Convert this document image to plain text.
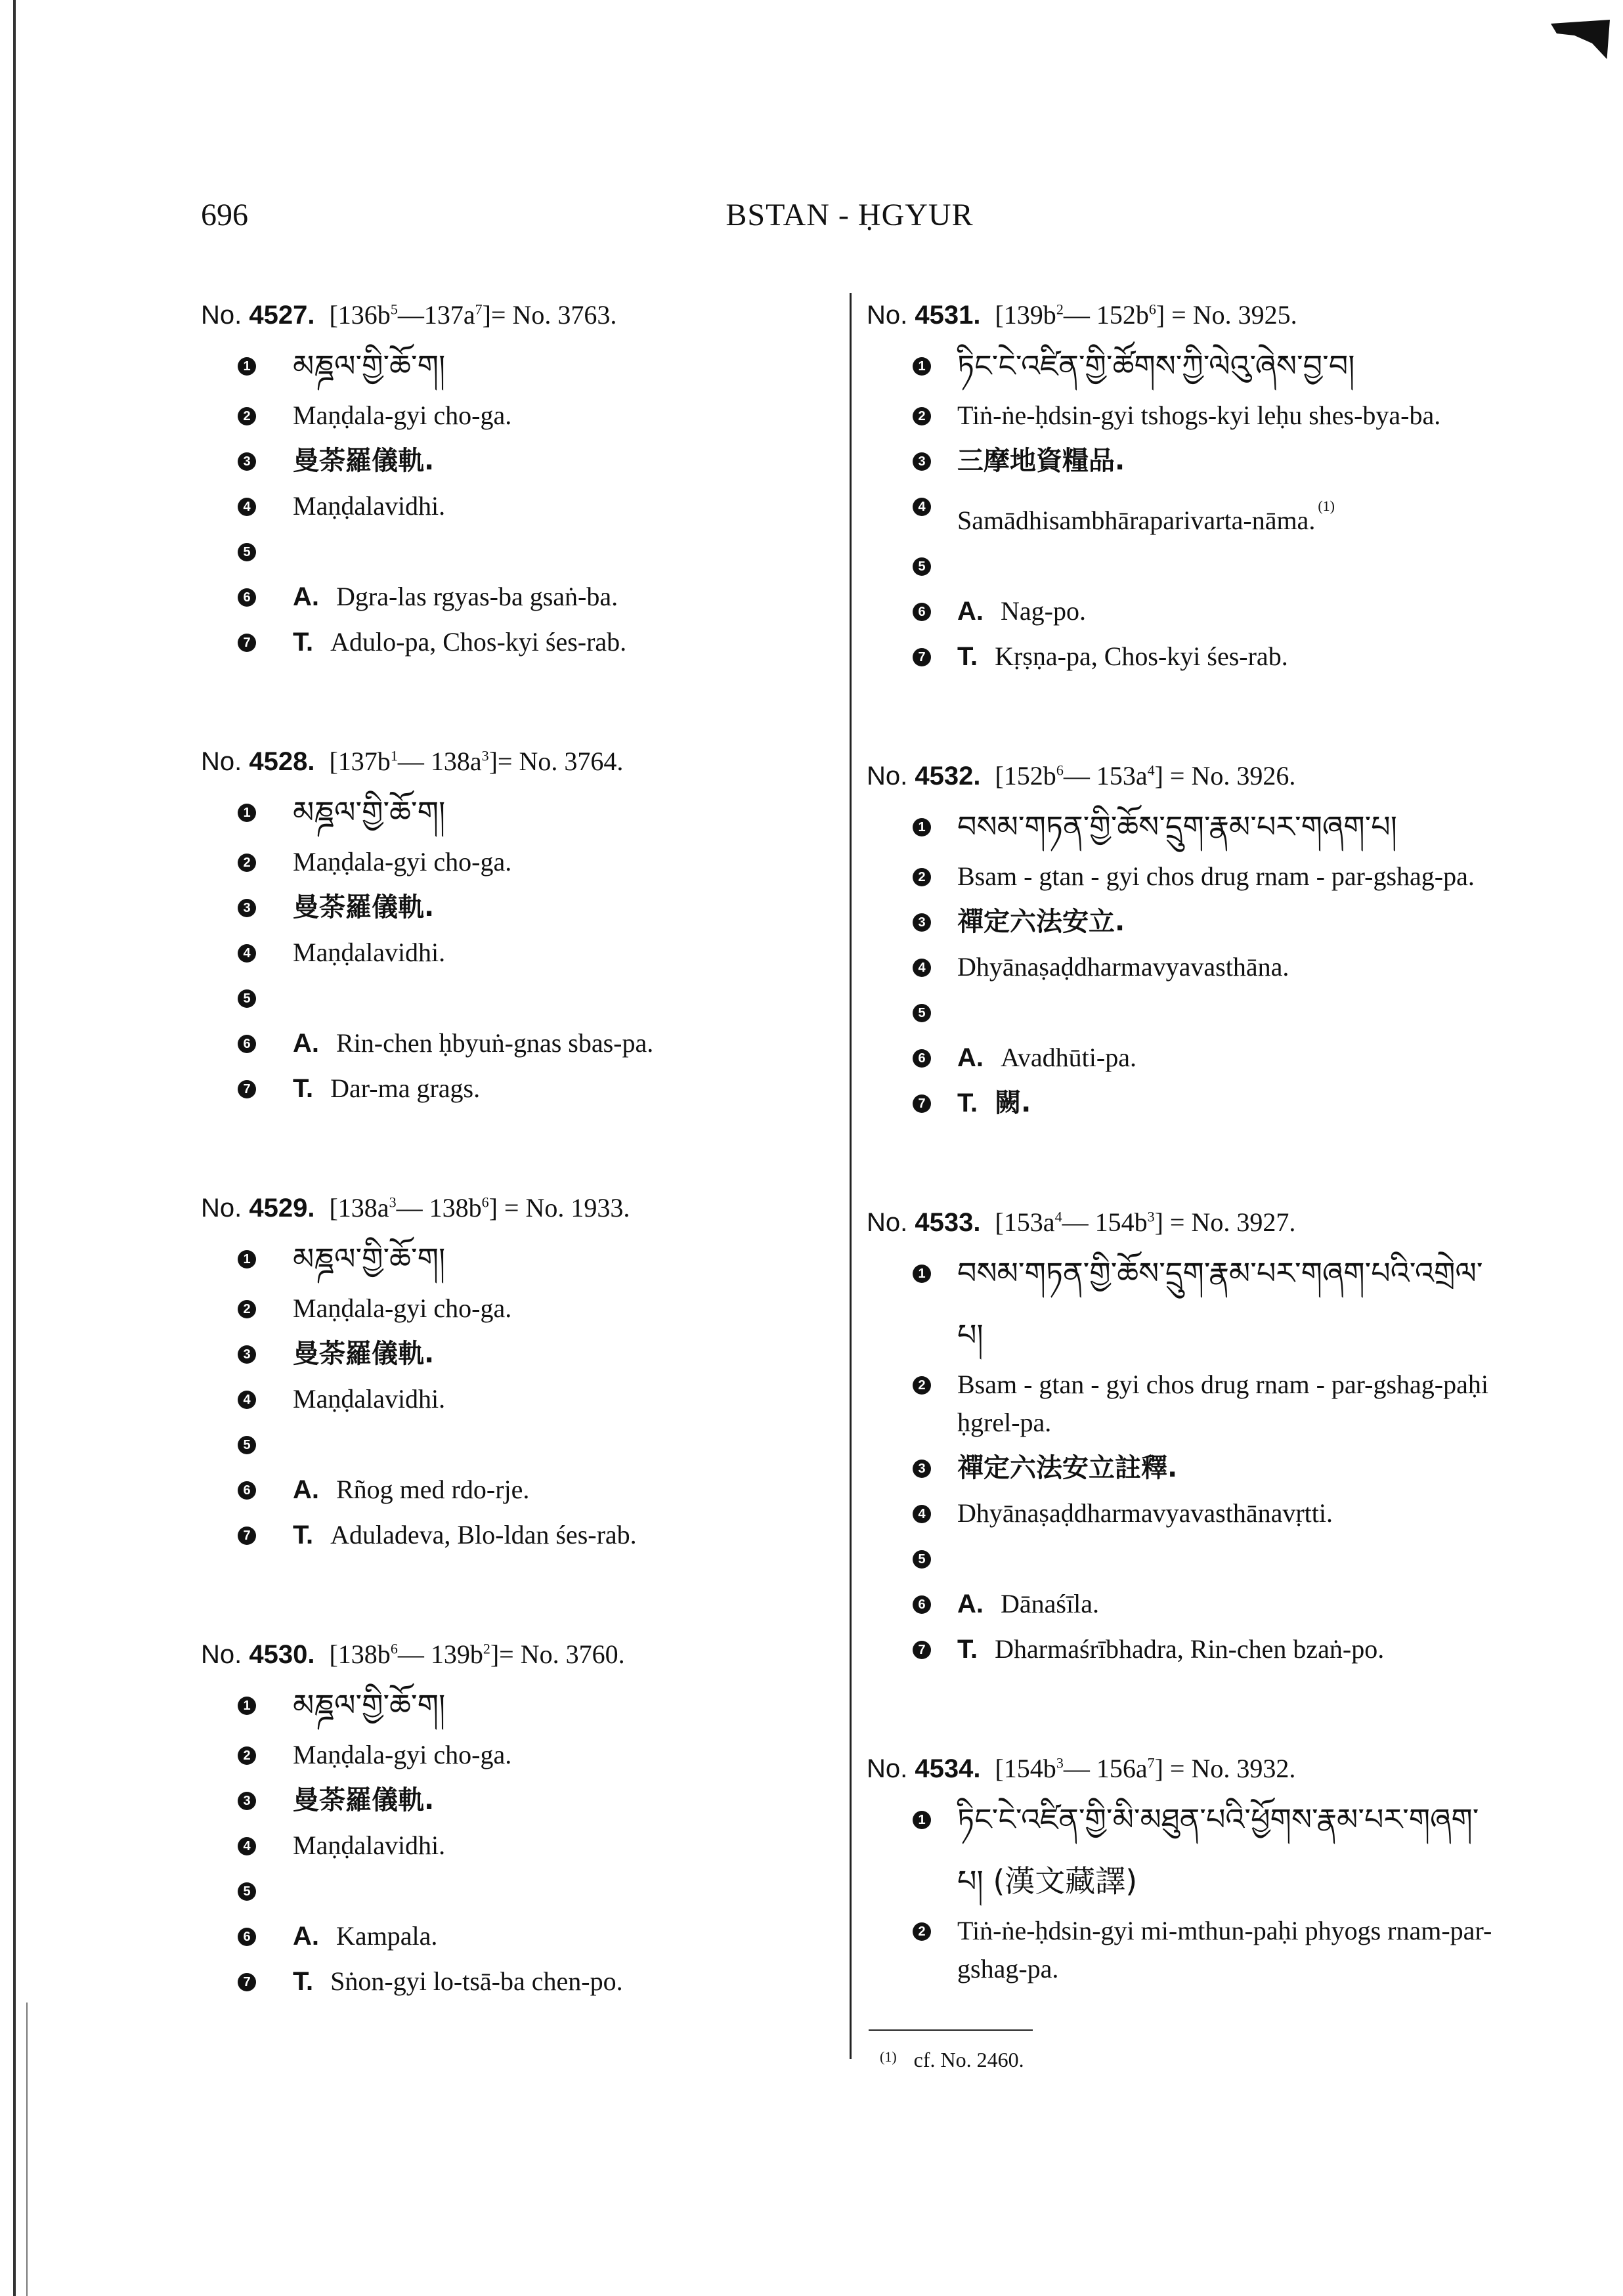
696	BSTAN - ḤGYUR
No. 4527. $[136b^5—137a^7]= No$. 3763.
1 མཎྜལ་གྱི་ཆོ་ག།
2 Maṇḍala-gyi cho-ga.
3 曼荼羅儀軌.
4 Maṇḍalavidhi.
5
6 A. Dgra-las rgyas-ba gsaṅ-ba.
7 T. Adulo-pa, Chos-kyi śes-rab.
No. 4528. [$137b^1—$ $138a^3]= No$. 3764.
1 མཎྜལ་གྱི་ཆོ་ག།
2 Maṇḍala-gyi cho-ga.
3 曼荼羅儀軌.
4 Maṇḍalavidhi.
5
6 A. Rin-chen ḥbyuṅ-gnas sbas-pa.
7 T. Dar-ma grags.
No. 4529. [$138a^3—$ $138b^6] = No$. 1933.
1 མཎྜལ་གྱི་ཆོ་ག།
2 Maṇḍala-gyi cho-ga.
3 曼荼羅儀軌.
4 Maṇḍalavidhi.
5
6 A. Rñog med rdo-rje.
7 T. Aduladeva, Blo-ldan śes-rab.
No. 4530. [$138b^6—$ $139b^2]= No$. 3760.
1 མཎྜལ་གྱི་ཆོ་ག།
2 Maṇḍala-gyi cho-ga.
3 曼荼羅儀軌.
4 Maṇḍalavidhi.
5
6 A. Kampala.
7 T. Sṅon-gyi lo-tsā-ba chen-po.
No. 4531. [$139b^2—$ $152b^6] = No$. 3925.
1 ཏིང་ངེ་འཛིན་གྱི་ཚོགས་ཀྱི་ལེའུ་ཞེས་བྱ་བ།
2 Tiṅ-ṅe-ḥdsin-gyi tshogs-kyi leḥu shes-bya-ba.
3 三摩地資糧品.
4 Samādhisambhāraparivarta-nāma. $^{(1)}$
5
6 A. Nag-po.
7 T. Kṛṣṇa-pa, Chos-kyi śes-rab.
No. 4532. [$152b^6—$ $153a^4] = No$. 3926.
1 བསམ་གཏན་གྱི་ཆོས་དྲུག་རྣམ་པར་གཞག་པ།
2 Bsam - gtan - gyi chos drug rnam - par-gshag-pa.
3 禪定六法安立.
4 Dhyānaṣaḍdharmavyavasthāna.
5
6 A. Avadhūti-pa.
7 T. 闕.
No. 4533. [$153a^4—$ $154b^3] = No$. 3927.
1 བསམ་གཏན་གྱི་ཆོས་དྲུག་རྣམ་པར་གཞག་པའི་འགྲེལ་པ།
2 Bsam - gtan - gyi chos drug rnam - par-gshag-paḥi ḥgrel-pa.
3 禪定六法安立註釋.
4 Dhyānaṣaḍdharmavyavasthānavṛtti.
5
6 A. Dānaśīla.
7 T. Dharmaśrībhadra, Rin-chen bzaṅ-po.
No. 4534. [$154b^3—$ $156a^7] = No$. 3932.
1 ཏིང་ངེ་འཛིན་གྱི་མི་མཐུན་པའི་ཕྱོགས་རྣམ་པར་གཞག་པ། (漢文藏譯)
2 Tiṅ-ṅe-ḥdsin-gyi mi-mthun-paḥi phyogs rnam-par-gshag-pa.
$^{(1)}$ cf. No. 2460.
